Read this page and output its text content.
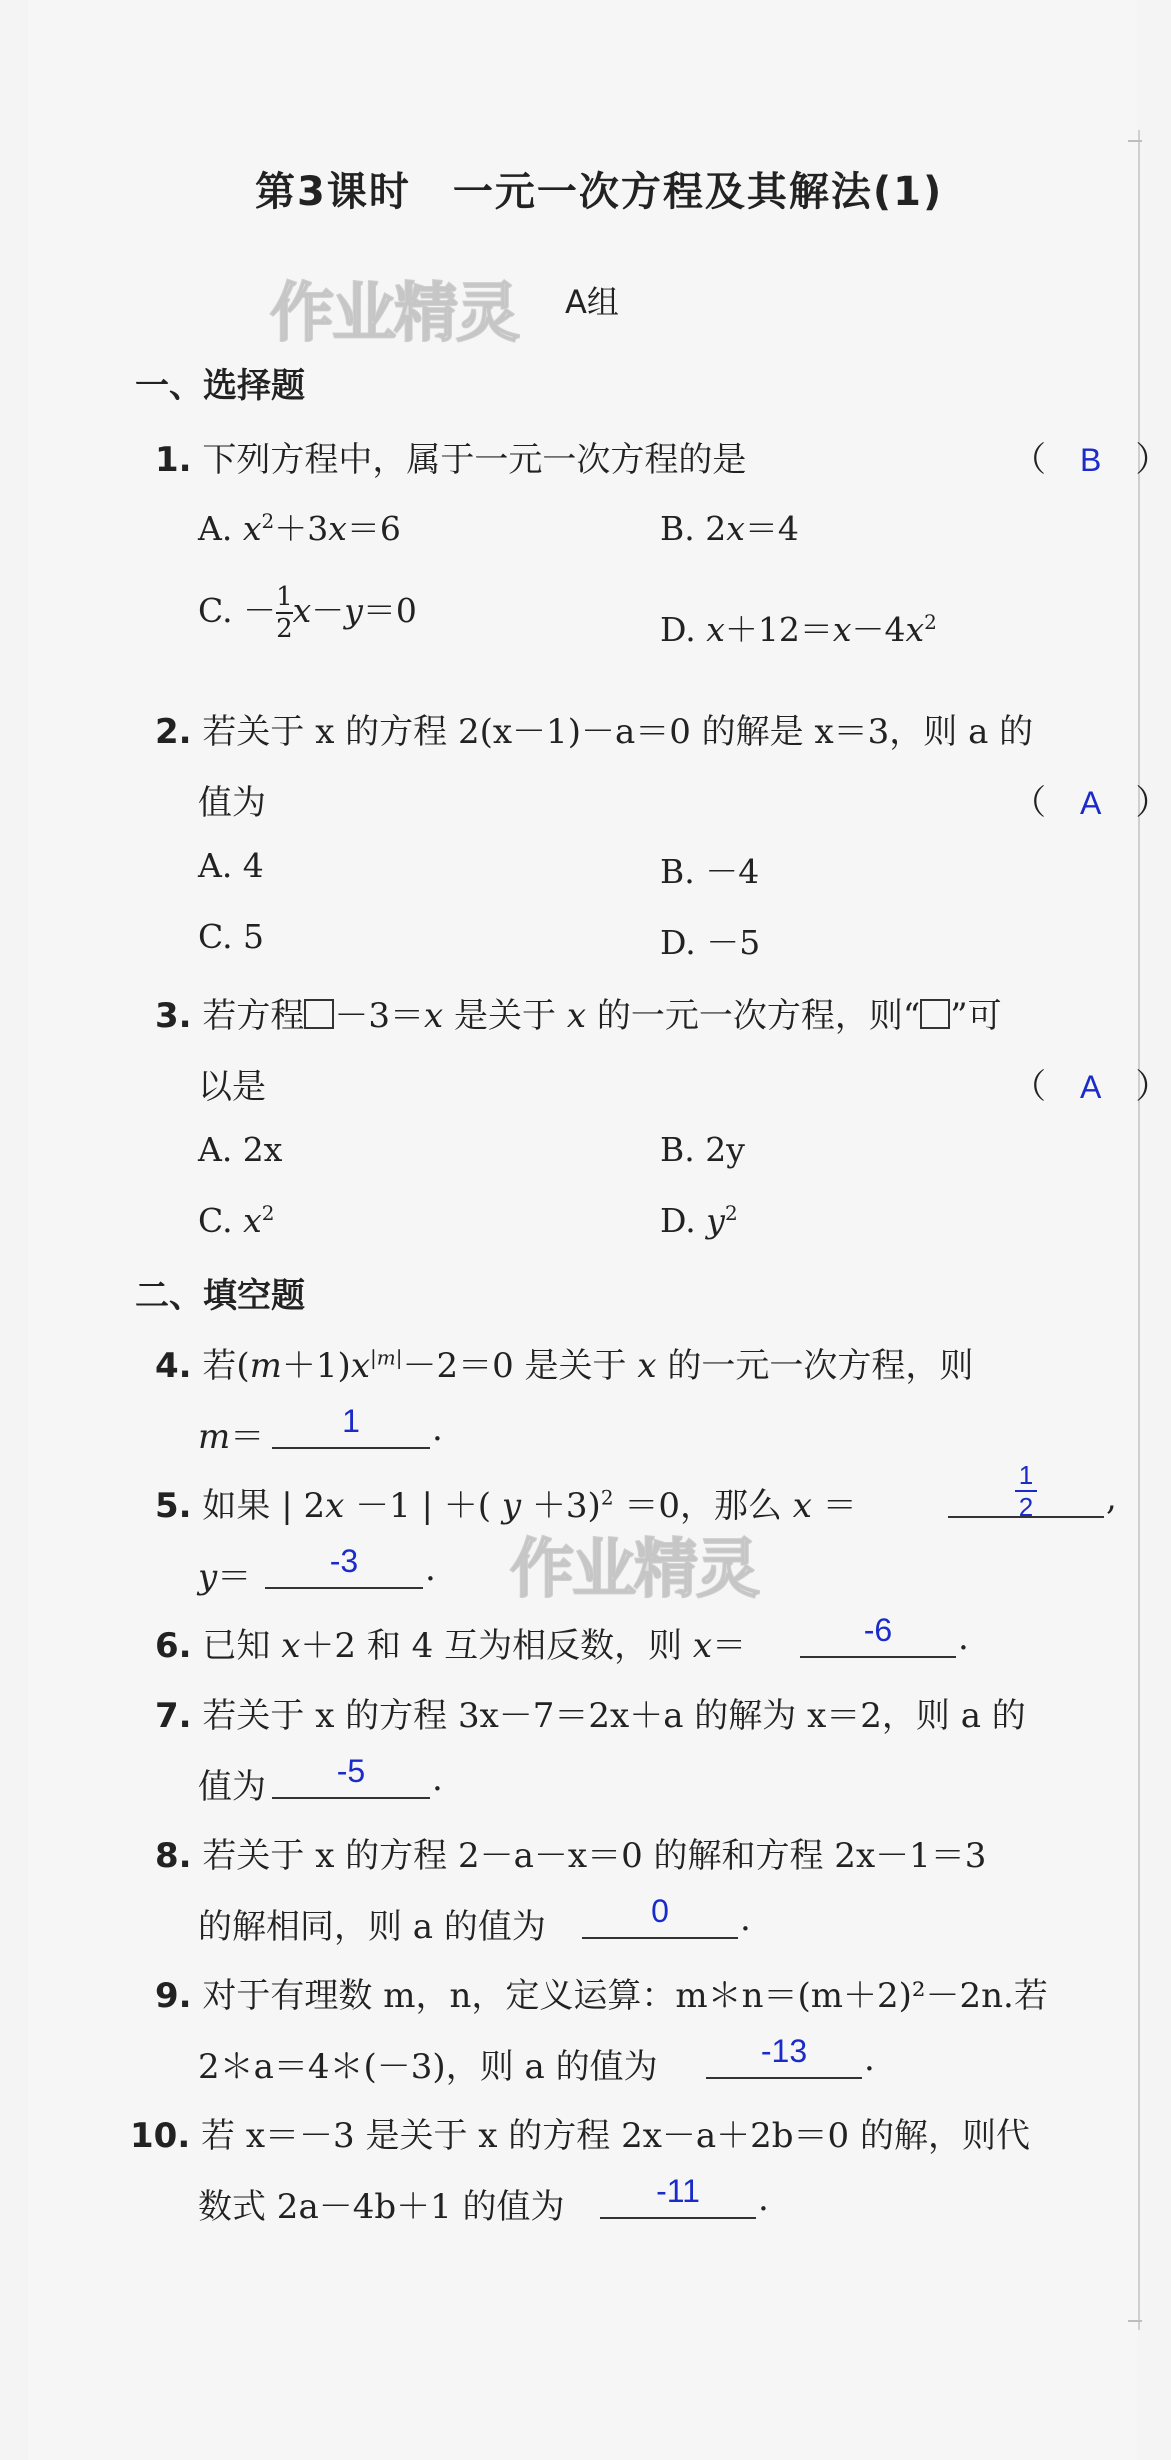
作业精灵
作业精灵
第3课时　一元一次方程及其解法(1)
A组
一、选择题
1. 下列方程中，属于一元一次方程的是	（　B　）
A. $x^2+3x=6$	B. 2x＝4
C. － $\frac{1}{2} x-y=0$	D. $x+12=x-4x^2$
2. 若关于 x 的方程 2(x－1)－a＝0 的解是 x＝3，则 a 的
值为	（　A　）
A. 4	B. －4
C. 5	D. －5
3. 若方程 －3＝x 是关于 x 的一元一次方程，则“ ”可
以是	（　A　）
A. 2x	B. 2y
C. $x^2$	D. $y^2$
二、填空题
4. 若$(m+1)x^{|m|}-2=0$ 是关于 x 的一元一次方程，则
m＝	1	.
5. 如果 | 2x －1 | ＋( y ＋3)$^2$ ＝0，那么 x ＝
1
2	,
y＝	-3	.
6. 已知 x＋2 和 4 互为相反数，则 x＝	-6	.
7. 若关于 x 的方程 3x－7＝2x＋a 的解为 x＝2，则 a 的
值为	-5	.
8. 若关于 x 的方程 2－a－x＝0 的解和方程 2x－1＝3
的解相同，则 a 的值为	0	.
9. 对于有理数 m，n，定义运算：m＊n＝(m＋2)²－2n.若
2＊a＝4＊(－3)，则 a 的值为	-13	.
10. 若 x＝－3 是关于 x 的方程 2x－a＋2b＝0 的解，则代
数式 2a－4b＋1 的值为	-11	.
